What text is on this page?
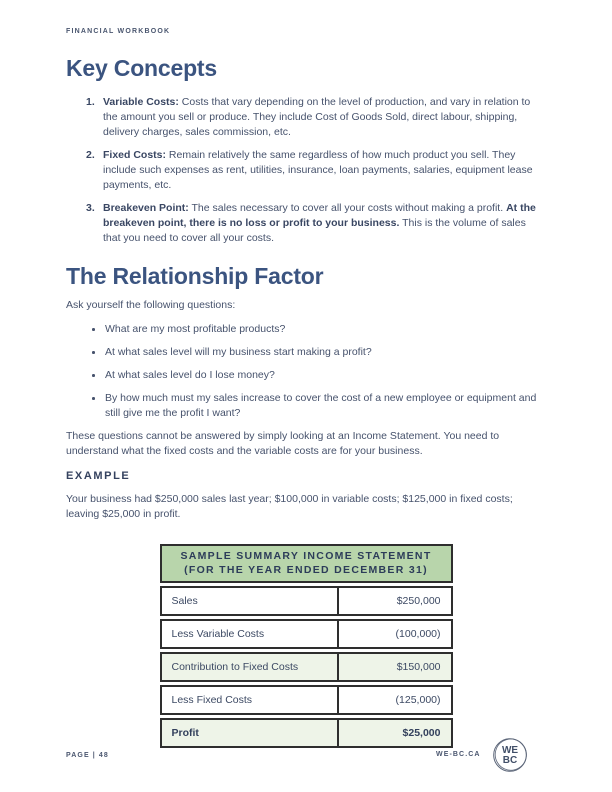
FINANCIAL WORKBOOK
Key Concepts
1. Variable Costs: Costs that vary depending on the level of production, and vary in relation to the amount you sell or produce. They include Cost of Goods Sold, direct labour, shipping, delivery charges, sales commission, etc.
2. Fixed Costs: Remain relatively the same regardless of how much product you sell. They include such expenses as rent, utilities, insurance, loan payments, salaries, equipment lease payments, etc.
3. Breakeven Point: The sales necessary to cover all your costs without making a profit. At the breakeven point, there is no loss or profit to your business. This is the volume of sales that you need to cover all your costs.
The Relationship Factor

Ask yourself the following questions:

What are my most profitable products?
At what sales level will my business start making a profit?
At what sales level do I lose money?
By how much must my sales increase to cover the cost of a new employee or equipment and still give me the profit I want?

These questions cannot be answered by simply looking at an Income Statement. You need to understand what the fixed costs and the variable costs are for your business.

EXAMPLE

Your business had $250,000 sales last year; $100,000 in variable costs; $125,000 in fixed costs; leaving $25,000 in profit.

SAMPLE SUMMARY INCOME STATEMENT
(FOR THE YEAR ENDED DECEMBER 31)
Sales	$250,000
Less Variable Costs	(100,000)
Contribution to Fixed Costs	$150,000
Less Fixed Costs	(125,000)
Profit	$25,000
PAGE | 48	WE-BC.CA WE
BC
